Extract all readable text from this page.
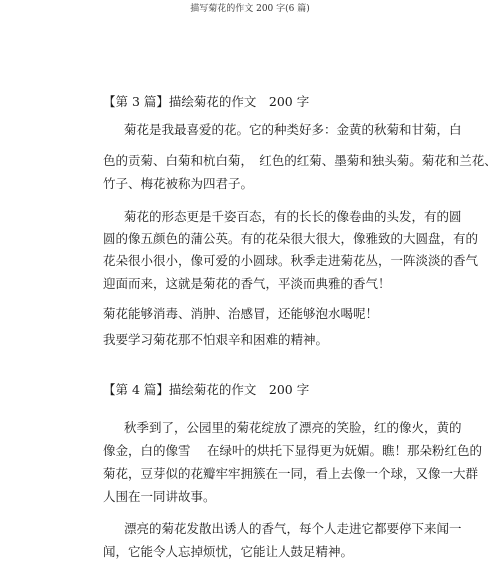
描写菊花的作文 200 字(6 篇)
【第 3 篇】描绘菊花的作文　200 字
菊花是我最喜爱的花。它的种类好多：金黄的秋菊和甘菊，白
色的贡菊、白菊和杭白菊，　红色的红菊、墨菊和独头菊。菊花和兰花、
竹子、梅花被称为四君子。
菊花的形态更是千姿百态，有的长长的像卷曲的头发，有的圆
圆的像五颜色的蒲公英。有的花朵很大很大，像雅致的大圆盘，有的
花朵很小很小，像可爱的小圆球。秋季走进菊花丛，一阵淡淡的香气
迎面而来，这就是菊花的香气，平淡而典雅的香气！
菊花能够消毒、消肿、治感冒，还能够泡水喝呢！
我要学习菊花那不怕艰辛和困难的精神。
【第 4 篇】描绘菊花的作文　200 字
秋季到了，公园里的菊花绽放了漂亮的笑脸，红的像火，黄的
像金，白的像雪　 在绿叶的烘托下显得更为妩媚。瞧！那朵粉红色的
菊花，豆芽似的花瓣牢牢拥簇在一同，看上去像一个球，又像一大群
人围在一同讲故事。
漂亮的菊花发散出诱人的香气，每个人走进它都要停下来闻一
闻，它能令人忘掉烦忧，它能让人鼓足精神。
